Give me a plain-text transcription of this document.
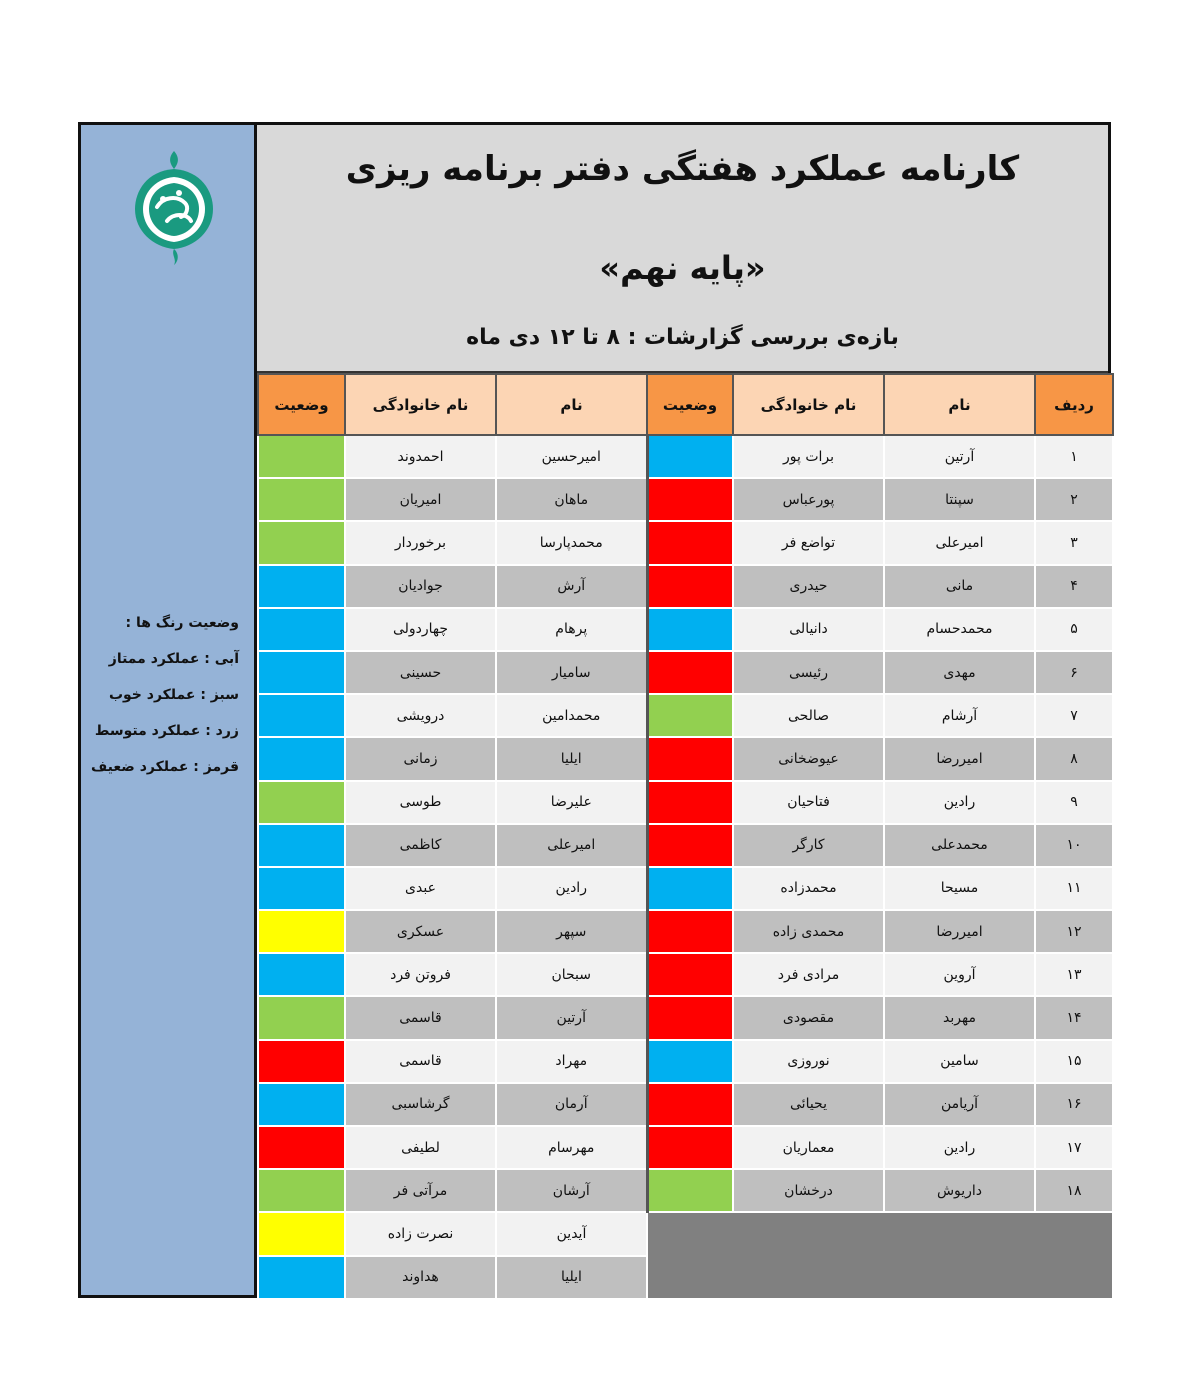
کارنامه عملکرد هفتگی دفتر برنامه ریزی
«پایه نهم»
بازه‌ی بررسی گزارشات : ۸ تا ۱۲ دی ماه
ردیف	نام	نام خانوادگی	وضعیت	نام	نام خانوادگی	وضعیت
۱	آرتین	برات پور		امیرحسین	احمدوند	
۲	سپنتا	پورعباس		ماهان	امیریان	
۳	امیرعلی	تواضع فر		محمدپارسا	برخوردار	
۴	مانی	حیدری		آرش	جوادیان	
۵	محمدحسام	دانیالی		پرهام	چهاردولی	
۶	مهدی	رئیسی		سامیار	حسینی	
۷	آرشام	صالحی		محمدامین	درویشی	
۸	امیررضا	عیوضخانی		ایلیا	زمانی	
۹	رادین	فتاحیان		علیرضا	طوسی	
۱۰	محمدعلی	کارگر		امیرعلی	کاظمی	
۱۱	مسیحا	محمدزاده		رادین	عبدی	
۱۲	امیررضا	محمدی زاده		سپهر	عسکری	
۱۳	آروین	مرادی فرد		سبحان	فروتن فرد	
۱۴	مهربد	مقصودی		آرتین	قاسمی	
۱۵	سامین	نوروزی		مهراد	قاسمی	
۱۶	آریامن	یحیائی		آرمان	گرشاسبی	
۱۷	رادین	معماریان		مهرسام	لطیفی	
۱۸	داریوش	درخشان		آرشان	مرآتی فر	
				آیدین	نصرت زاده	
				ایلیا	هداوند	
وضعیت رنگ ها :
آبی : عملکرد ممتاز
سبز : عملکرد خوب
زرد : عملکرد متوسط
قرمز : عملکرد ضعیف
